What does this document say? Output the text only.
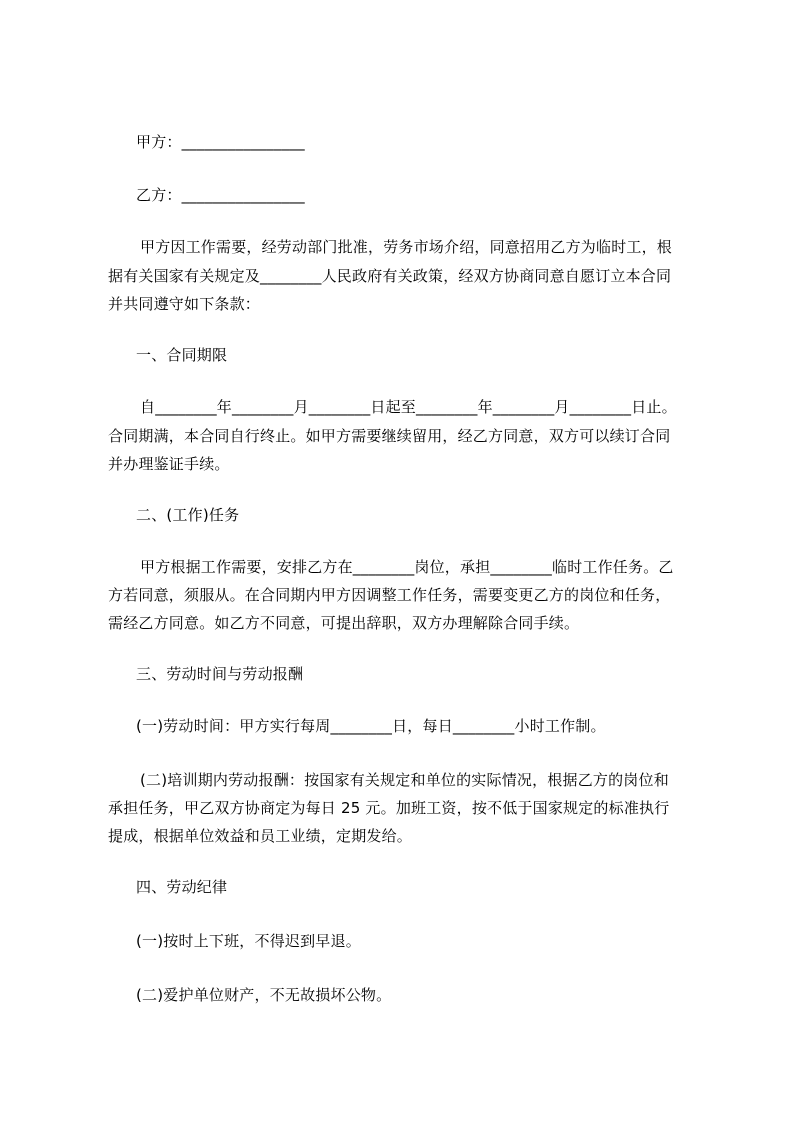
甲方：________________
乙方：________________
甲方因工作需要，经劳动部门批准，劳务市场介绍，同意招用乙方为临时工，根
据有关国家有关规定及________人民政府有关政策，经双方协商同意自愿订立本合同
并共同遵守如下条款：
一、合同期限
自________年________月________日起至________年________月________日止。
合同期满，本合同自行终止。如甲方需要继续留用，经乙方同意，双方可以续订合同
并办理鉴证手续。
二、(工作)任务
甲方根据工作需要，安排乙方在________岗位，承担________临时工作任务。乙
方若同意，须服从。在合同期内甲方因调整工作任务，需要变更乙方的岗位和任务，
需经乙方同意。如乙方不同意，可提出辞职，双方办理解除合同手续。
三、劳动时间与劳动报酬
(一)劳动时间：甲方实行每周________日，每日________小时工作制。
(二)培训期内劳动报酬：按国家有关规定和单位的实际情况，根据乙方的岗位和
承担任务，甲乙双方协商定为每日 25 元。加班工资，按不低于国家规定的标准执行
提成，根据单位效益和员工业绩，定期发给。
四、劳动纪律
(一)按时上下班，不得迟到早退。
(二)爱护单位财产，不无故损坏公物。
